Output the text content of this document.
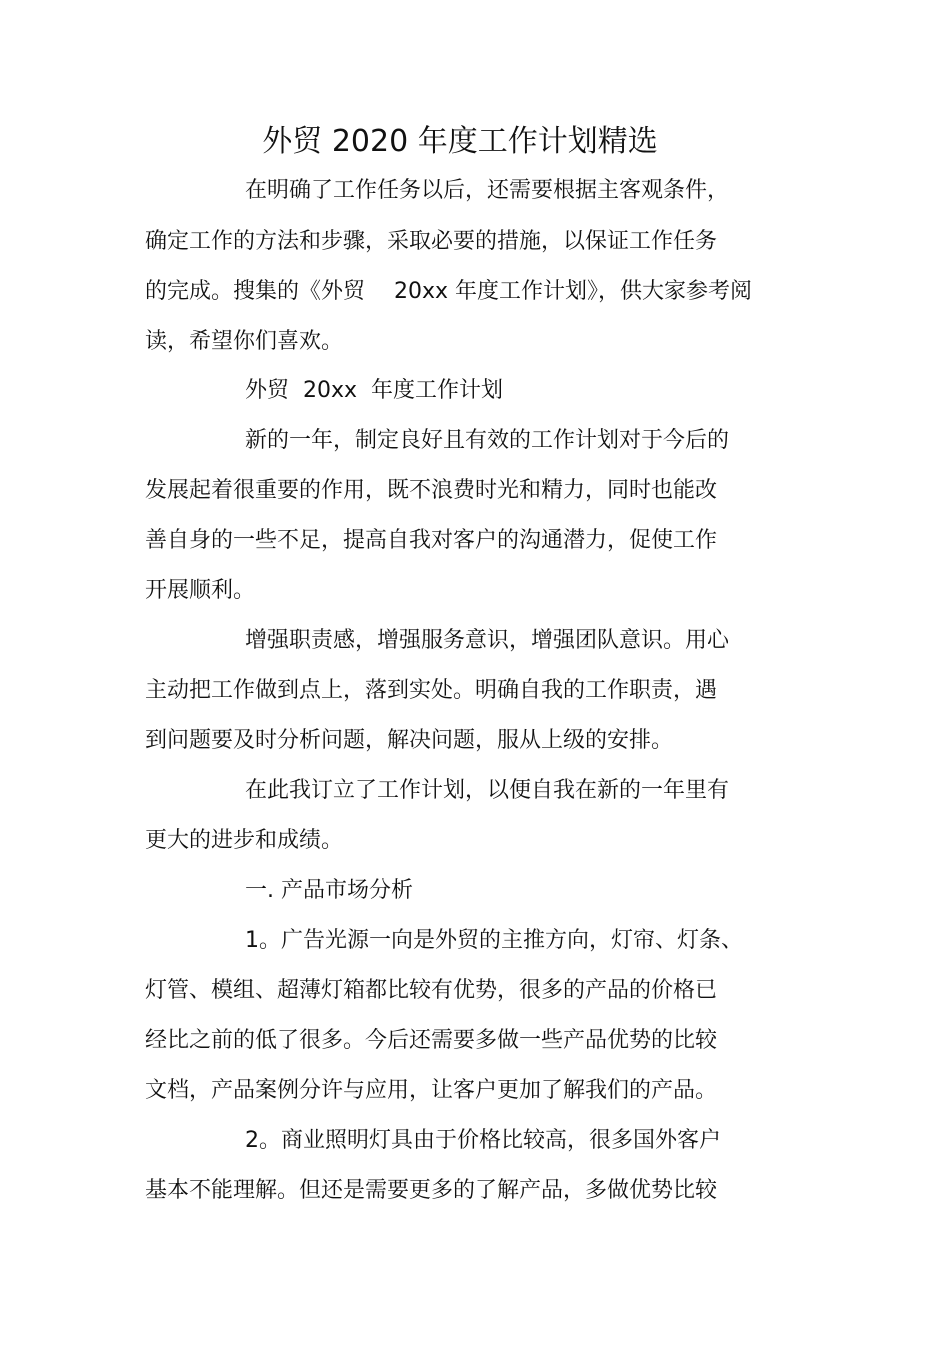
外贸 2020 年度工作计划精选
在明确了工作任务以后，还需要根据主客观条件，
确定工作的方法和步骤，采取必要的措施，以保证工作任务
的完成。搜集的《外贸　 20xx 年度工作计划》，供大家参考阅
读，希望你们喜欢。
外贸  20xx  年度工作计划
新的一年，制定良好且有效的工作计划对于今后的
发展起着很重要的作用，既不浪费时光和精力，同时也能改
善自身的一些不足，提高自我对客户的沟通潜力，促使工作
开展顺利。
增强职责感，增强服务意识，增强团队意识。用心
主动把工作做到点上，落到实处。明确自我的工作职责，遇
到问题要及时分析问题，解决问题，服从上级的安排。
在此我订立了工作计划，以便自我在新的一年里有
更大的进步和成绩。
一. 产品市场分析
1。广告光源一向是外贸的主推方向，灯帘、灯条、
灯管、模组、超薄灯箱都比较有优势，很多的产品的价格已
经比之前的低了很多。今后还需要多做一些产品优势的比较
文档，产品案例分许与应用，让客户更加了解我们的产品。
2。商业照明灯具由于价格比较高，很多国外客户
基本不能理解。但还是需要更多的了解产品，多做优势比较
